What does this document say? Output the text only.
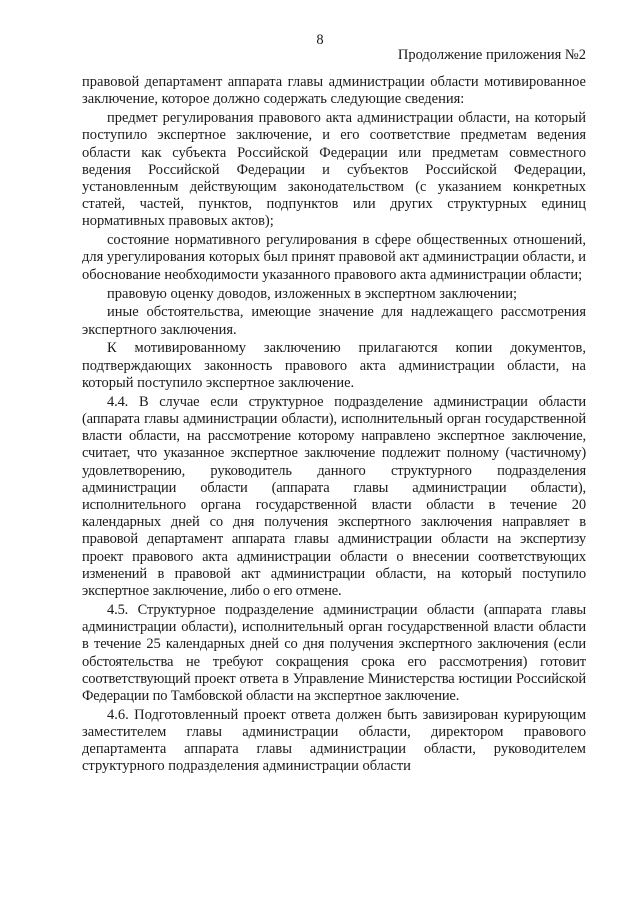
8
Продолжение приложения №2

правовой департамент аппарата главы администрации области мотивированное заключение, которое должно содержать следующие сведения:

предмет регулирования правового акта администрации области, на который поступило экспертное заключение, и его соответствие предметам ведения области как субъекта Российской Федерации или предметам совместного ведения Российской Федерации и субъектов Российской Федерации, установленным действующим законодательством (с указанием конкретных статей, частей, пунктов, подпунктов или других структурных единиц нормативных правовых актов);

состояние нормативного регулирования в сфере общественных отношений, для урегулирования которых был принят правовой акт администрации области, и обоснование необходимости указанного правового акта администрации области;

правовую оценку доводов, изложенных в экспертном заключении;

иные обстоятельства, имеющие значение для надлежащего рассмотрения экспертного заключения.

К мотивированному заключению прилагаются копии документов, подтверждающих законность правового акта администрации области, на который поступило экспертное заключение.

4.4. В случае если структурное подразделение администрации области (аппарата главы администрации области), исполнительный орган государственной власти области, на рассмотрение которому направлено экспертное заключение, считает, что указанное экспертное заключение подлежит полному (частичному) удовлетворению, руководитель данного структурного подразделения администрации области (аппарата главы администрации области), исполнительного органа государственной власти области в течение 20 календарных дней со дня получения экспертного заключения направляет в правовой департамент аппарата главы администрации области на экспертизу проект правового акта администрации области о внесении соответствующих изменений в правовой акт администрации области, на который поступило экспертное заключение, либо о его отмене.

4.5. Структурное подразделение администрации области (аппарата главы администрации области), исполнительный орган государственной власти области в течение 25 календарных дней со дня получения экспертного заключения (если обстоятельства не требуют сокращения срока его рассмотрения) готовит соответствующий проект ответа в Управление Министерства юстиции Российской Федерации по Тамбовской области на экспертное заключение.

4.6. Подготовленный проект ответа должен быть завизирован курирующим заместителем главы администрации области, директором правового департамента аппарата главы администрации области, руководителем структурного подразделения администрации области
